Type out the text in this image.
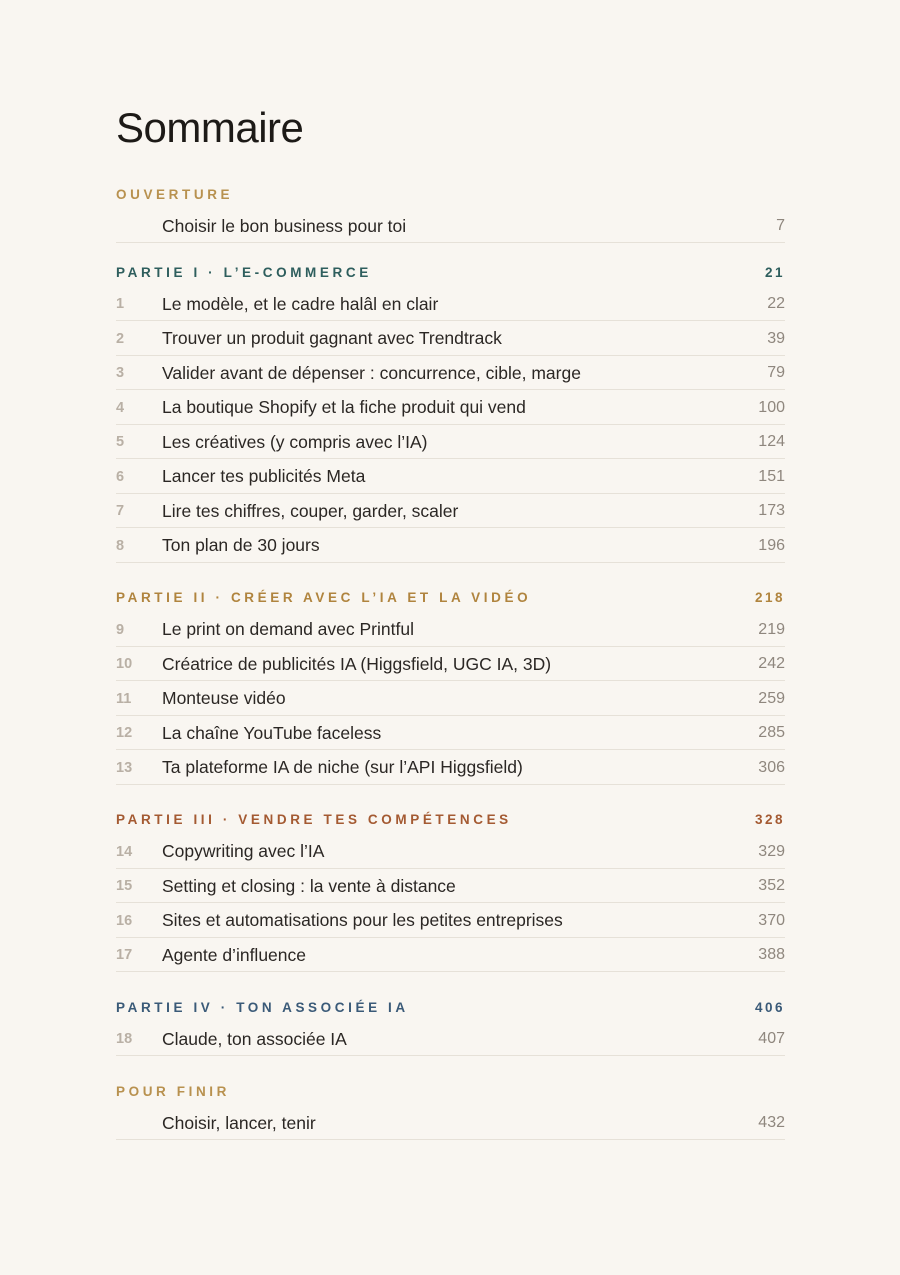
Sommaire
OUVERTURE
Choisir le bon business pour toi	7
PARTIE I · L’E-COMMERCE	21
1	Le modèle, et le cadre halâl en clair	22
2	Trouver un produit gagnant avec Trendtrack	39
3	Valider avant de dépenser : concurrence, cible, marge	79
4	La boutique Shopify et la fiche produit qui vend	100
5	Les créatives (y compris avec l’IA)	124
6	Lancer tes publicités Meta	151
7	Lire tes chiffres, couper, garder, scaler	173
8	Ton plan de 30 jours	196
PARTIE II · CRÉER AVEC L’IA ET LA VIDÉO	218
9	Le print on demand avec Printful	219
10	Créatrice de publicités IA (Higgsfield, UGC IA, 3D)	242
11	Monteuse vidéo	259
12	La chaîne YouTube faceless	285
13	Ta plateforme IA de niche (sur l’API Higgsfield)	306
PARTIE III · VENDRE TES COMPÉTENCES	328
14	Copywriting avec l’IA	329
15	Setting et closing : la vente à distance	352
16	Sites et automatisations pour les petites entreprises	370
17	Agente d’influence	388
PARTIE IV · TON ASSOCIÉE IA	406
18	Claude, ton associée IA	407
POUR FINIR
Choisir, lancer, tenir	432
